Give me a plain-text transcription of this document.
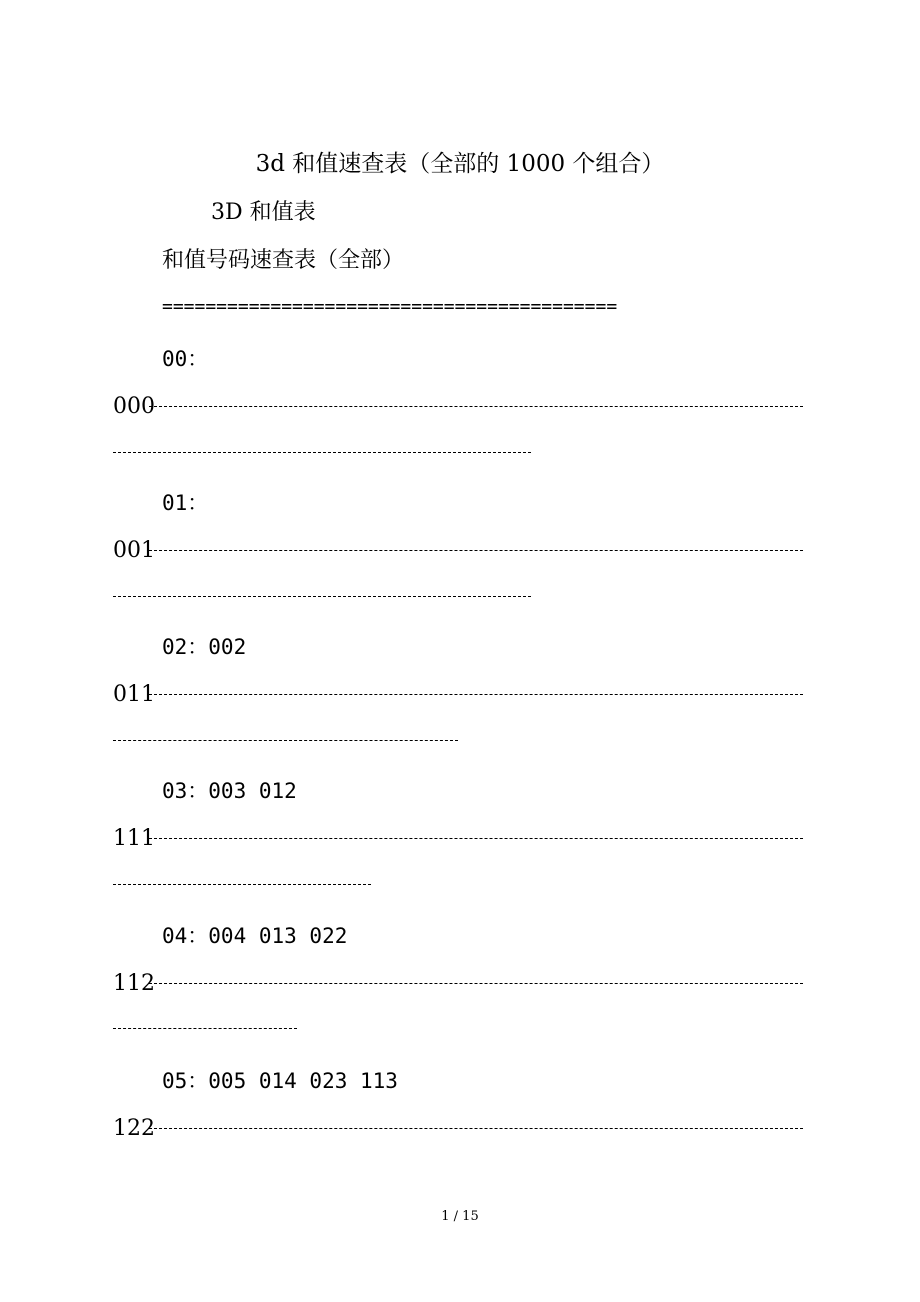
3d 和值速查表（全部的 1000 个组合）
3D 和值表
和值号码速查表（全部）
==========================================
00：
000
01：
001
02：002
011
03：003 012
111
04：004 013 022
112
05：005 014 023 113
122
1 / 15
